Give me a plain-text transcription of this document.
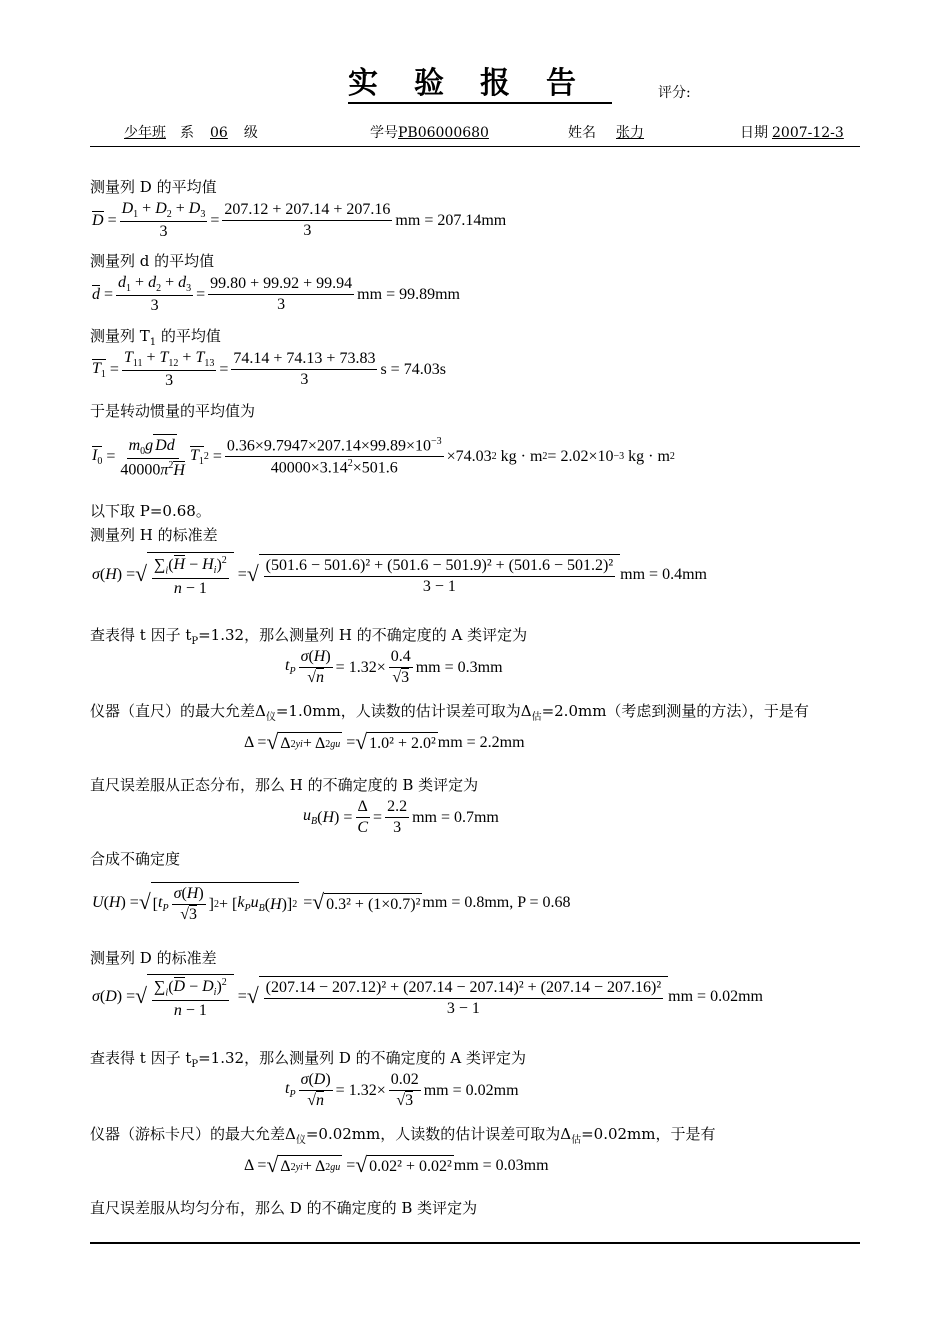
实验报告	评分:
少年班 系 06 级	学号PB06000680	姓名 张力	日期 2007-12-3
测量列 D 的平均值
$D = \frac{D_1 + D_2 + D_3}{3} = \frac{207.12 + 207.14 + 207.16}{3}$ mm = 207.14mm
测量列 d 的平均值
$d = \frac{d_1 + d_2 + d_3}{3} = \frac{99.80 + 99.92 + 99.94}{3}$ mm = 99.89mm
测量列 $T_1$ 的平均值
$T_1 = \frac{T_{11} + T_{12} + T_{13}}{3} = \frac{74.14 + 74.13 + 73.83}{3}$ s = 74.03s
于是转动惯量的平均值为
$I_0 = \frac{m_0g Dd}{40000\pi^2H} T_1$ $2 = \frac{0.36\times 9.7947\times 207.14\times 99.89\times 10^{-3}}{40000\times 3.14^2\times 501.6} \times 74.03$ 2
kg · m 2 = 2.02×10 −3
kg · m 2
以下取 P=0.68。
测量列 H 的标准差
σ ( H ) = √ $\frac{\sum_i(H - H_i)^2}{n - 1}$ = √ $\frac{\text{(501.6 − 501.6)² + (501.6 − 501.9)² + (501.6 − 501.2)²}}{3 - 1}$ mm = 0.4mm
查表得 t 因子 $t_P=1.32$，那么测量列 H 的不确定度的 A 类评定为
$t_P \frac{\sigma(H)}{√n} = 1.32\times \frac{0.4}{√3}$ mm = 0.3mm
仪器（直尺）的最大允差$\Delta_仪=1.0mm$，人读数的估计误差可取为$\Delta_估=2.0mm$（考虑到测量的方法），于是有
Δ = √ Δ 2 yi + Δ 2 gu = √ 1.0² + 2.0² mm = 2.2mm
直尺误差服从正态分布，那么 H 的不确定度的 B 类评定为
$u_B$ ( H ) = $\frac{\Delta}{C} = \frac{2.2}{3}$ mm = 0.7mm
合成不确定度
U ( H ) = √ [ $t_P \frac{\sigma(H)}{√3}$ ] 2 + [ $k_Pu_B$ ( H )] 2 = √ 0.3² + (1×0.7)² mm = 0.8mm, P = 0.68
测量列 D 的标准差
σ ( D ) = √ $\frac{\sum_i(D - D_i)^2}{n - 1}$ = √ $\frac{\text{(207.14 − 207.12)² + (207.14 − 207.14)² + (207.14 − 207.16)²}}{3 - 1}$ mm = 0.02mm
查表得 t 因子 $t_P=1.32$，那么测量列 D 的不确定度的 A 类评定为
$t_P \frac{\sigma(D)}{√n} = 1.32\times \frac{0.02}{√3}$ mm = 0.02mm
仪器（游标卡尺）的最大允差$\Delta_仪=0.02mm$，人读数的估计误差可取为$\Delta_估=0.02mm$，于是有
Δ = √ Δ 2 yi + Δ 2 gu = √ 0.02² + 0.02² mm = 0.03mm
直尺误差服从均匀分布，那么 D 的不确定度的 B 类评定为
